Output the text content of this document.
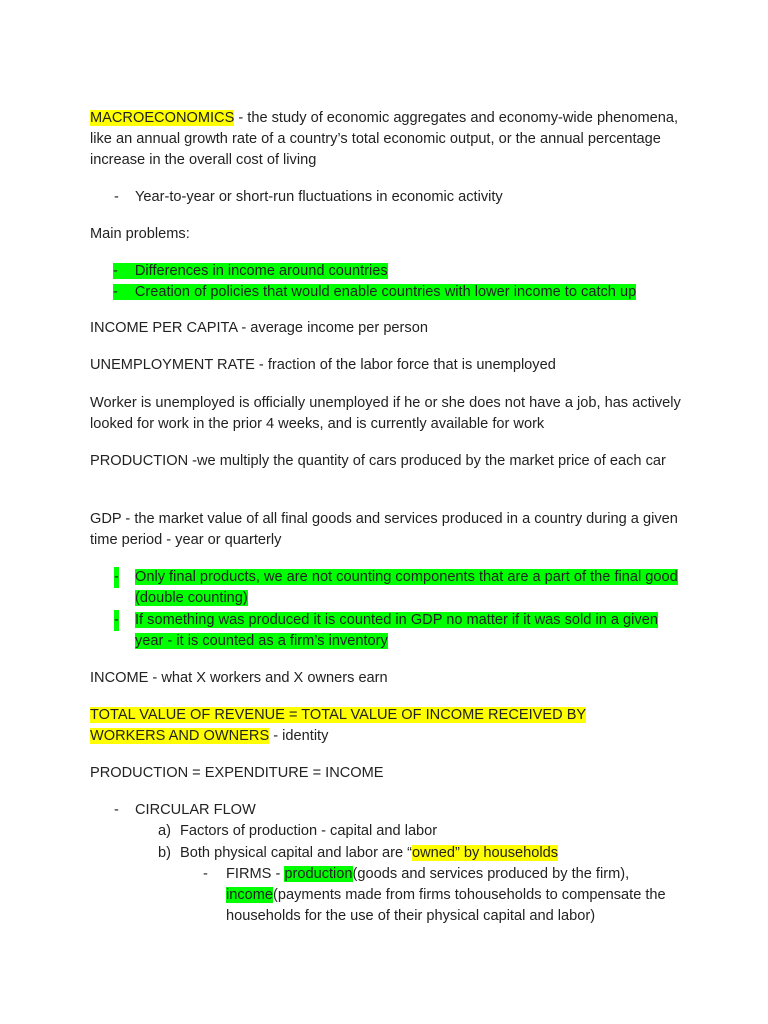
MACROECONOMICS - the study of economic aggregates and economy-wide phenomena, like an annual growth rate of a country’s total economic output, or the annual percentage increase in the overall cost of living

- Year-to-year or short-run fluctuations in economic activity

Main problems:

- Differences in income around countries
- Creation of policies that would enable countries with lower income to catch up

INCOME PER CAPITA - average income per person

UNEMPLOYMENT RATE - fraction of the labor force that is unemployed

Worker is unemployed is officially unemployed if he or she does not have a job, has actively looked for work in the prior 4 weeks, and is currently available for work

PRODUCTION -we multiply the quantity of cars produced by the market price of each car

GDP - the market value of all final goods and services produced in a country during a given time period - year or quarterly

- Only final products, we are not counting components that are a part of the final good (double counting)
- If something was produced it is counted in GDP no matter if it was sold in a given year - it is counted as a firm’s inventory

INCOME - what X workers and X owners earn

TOTAL VALUE OF REVENUE = TOTAL VALUE OF INCOME RECEIVED BY WORKERS AND OWNERS - identity

PRODUCTION = EXPENDITURE = INCOME

- CIRCULAR FLOW
a) Factors of production - capital and labor
b) Both physical capital and labor are “owned” by households
- FIRMS - production(goods and services produced by the firm), income(payments made from firms tohouseholds to compensate the households for the use of their physical capital and labor)
